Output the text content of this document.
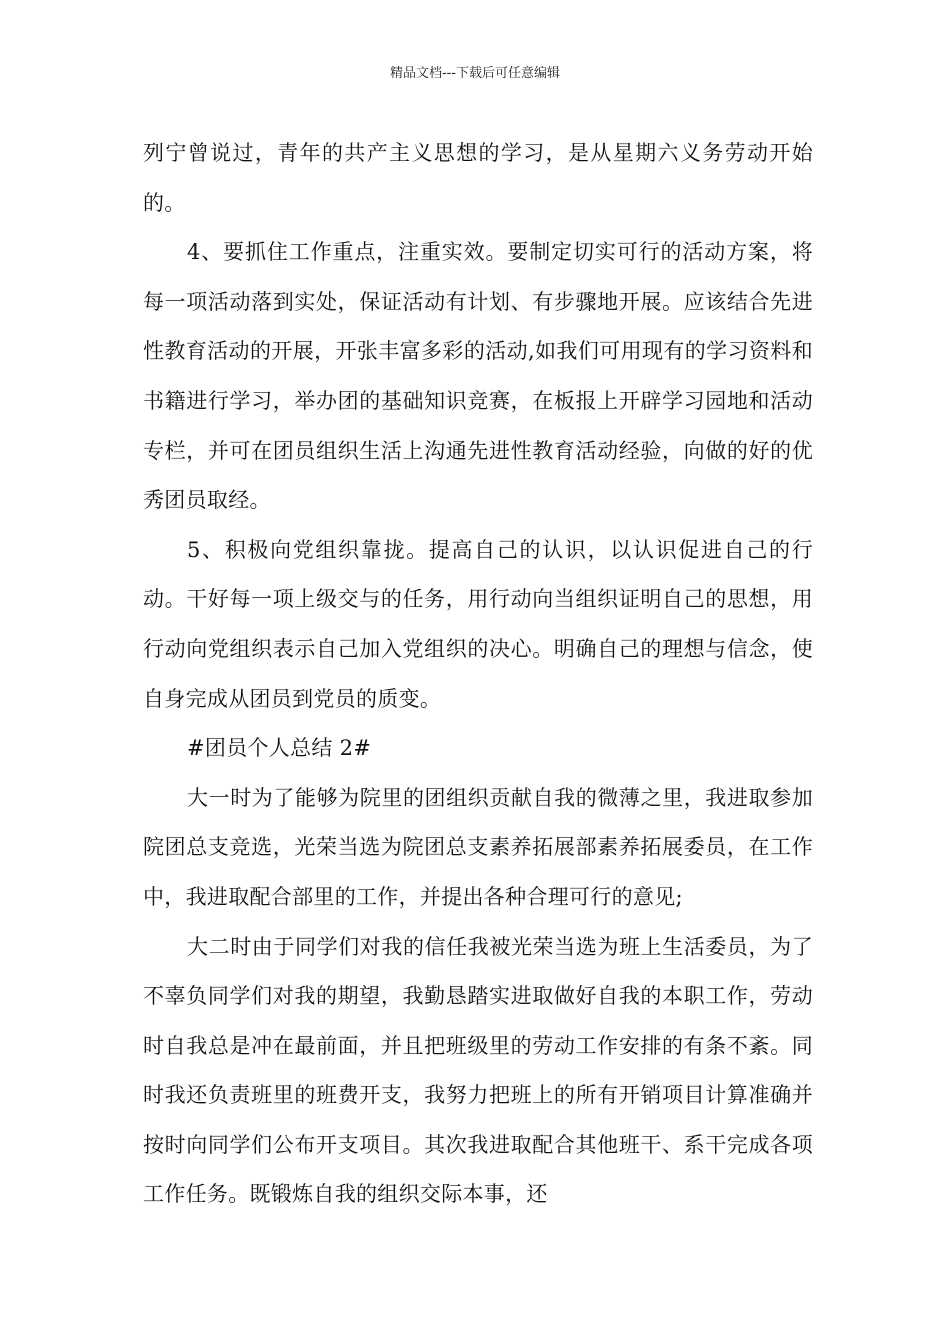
精品文档---下载后可任意编辑

列宁曾说过，青年的共产主义思想的学习，是从星期六义务劳动开始的。

4、要抓住工作重点，注重实效。要制定切实可行的活动方案，将每一项活动落到实处，保证活动有计划、有步骤地开展。应该结合先进性教育活动的开展，开张丰富多彩的活动,如我们可用现有的学习资料和书籍进行学习，举办团的基础知识竞赛，在板报上开辟学习园地和活动专栏，并可在团员组织生活上沟通先进性教育活动经验，向做的好的优秀团员取经。

5、积极向党组织靠拢。提高自己的认识，以认识促进自己的行动。干好每一项上级交与的任务，用行动向当组织证明自己的思想，用行动向党组织表示自己加入党组织的决心。明确自己的理想与信念，使自身完成从团员到党员的质变。

#团员个人总结 2#

大一时为了能够为院里的团组织贡献自我的微薄之里，我进取参加院团总支竞选，光荣当选为院团总支素养拓展部素养拓展委员，在工作中，我进取配合部里的工作，并提出各种合理可行的意见;

大二时由于同学们对我的信任我被光荣当选为班上生活委员，为了不辜负同学们对我的期望，我勤恳踏实进取做好自我的本职工作，劳动时自我总是冲在最前面，并且把班级里的劳动工作安排的有条不紊。同时我还负责班里的班费开支，我努力把班上的所有开销项目计算准确并按时向同学们公布开支项目。其次我进取配合其他班干、系干完成各项工作任务。既锻炼自我的组织交际本事，还
